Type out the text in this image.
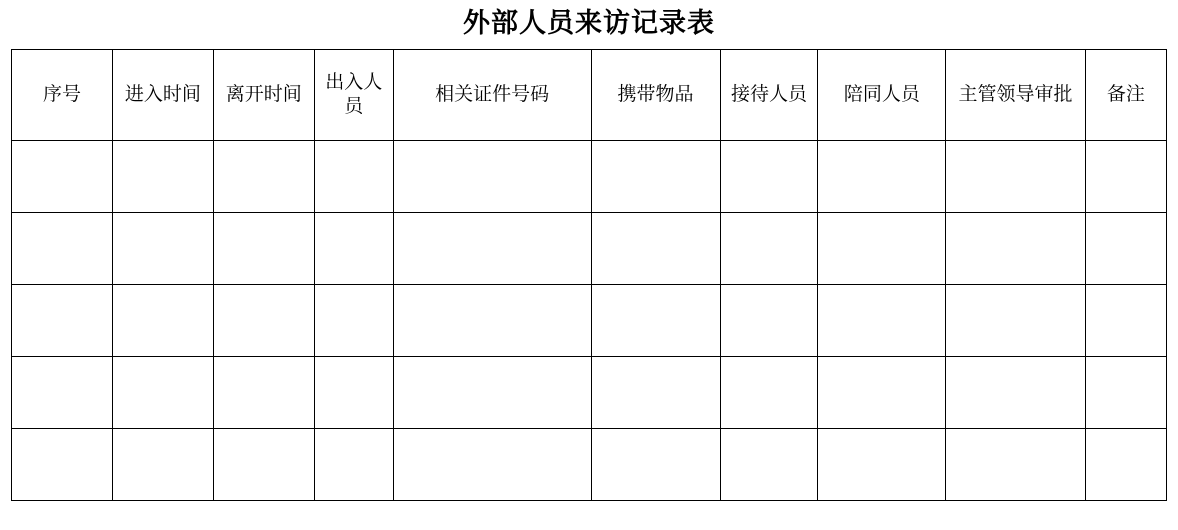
外部人员来访记录表
序号	进入时间	离开时间	出入人员	相关证件号码	携带物品	接待人员	陪同人员	主管领导审批	备注
